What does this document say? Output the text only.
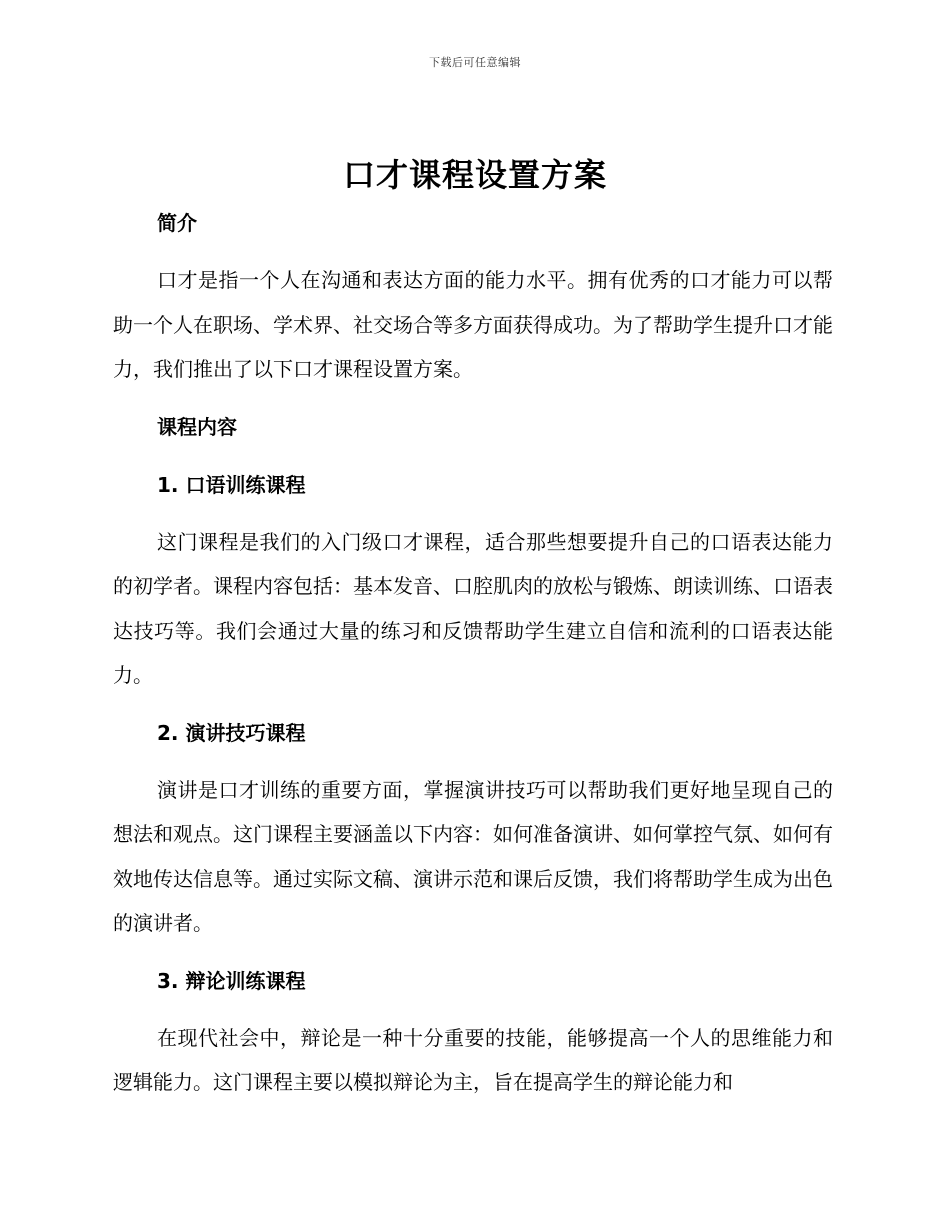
下载后可任意编辑
口才课程设置方案
简介

口才是指一个人在沟通和表达方面的能力水平。拥有优秀的口才能力可以帮助一个人在职场、学术界、社交场合等多方面获得成功。为了帮助学生提升口才能力，我们推出了以下口才课程设置方案。

课程内容
1. 口语训练课程

这门课程是我们的入门级口才课程，适合那些想要提升自己的口语表达能力的初学者。课程内容包括：基本发音、口腔肌肉的放松与锻炼、朗读训练、口语表达技巧等。我们会通过大量的练习和反馈帮助学生建立自信和流利的口语表达能力。

2. 演讲技巧课程

演讲是口才训练的重要方面，掌握演讲技巧可以帮助我们更好地呈现自己的想法和观点。这门课程主要涵盖以下内容：如何准备演讲、如何掌控气氛、如何有效地传达信息等。通过实际文稿、演讲示范和课后反馈，我们将帮助学生成为出色的演讲者。

3. 辩论训练课程

在现代社会中，辩论是一种十分重要的技能，能够提高一个人的思维能力和逻辑能力。这门课程主要以模拟辩论为主，旨在提高学生的辩论能力和
